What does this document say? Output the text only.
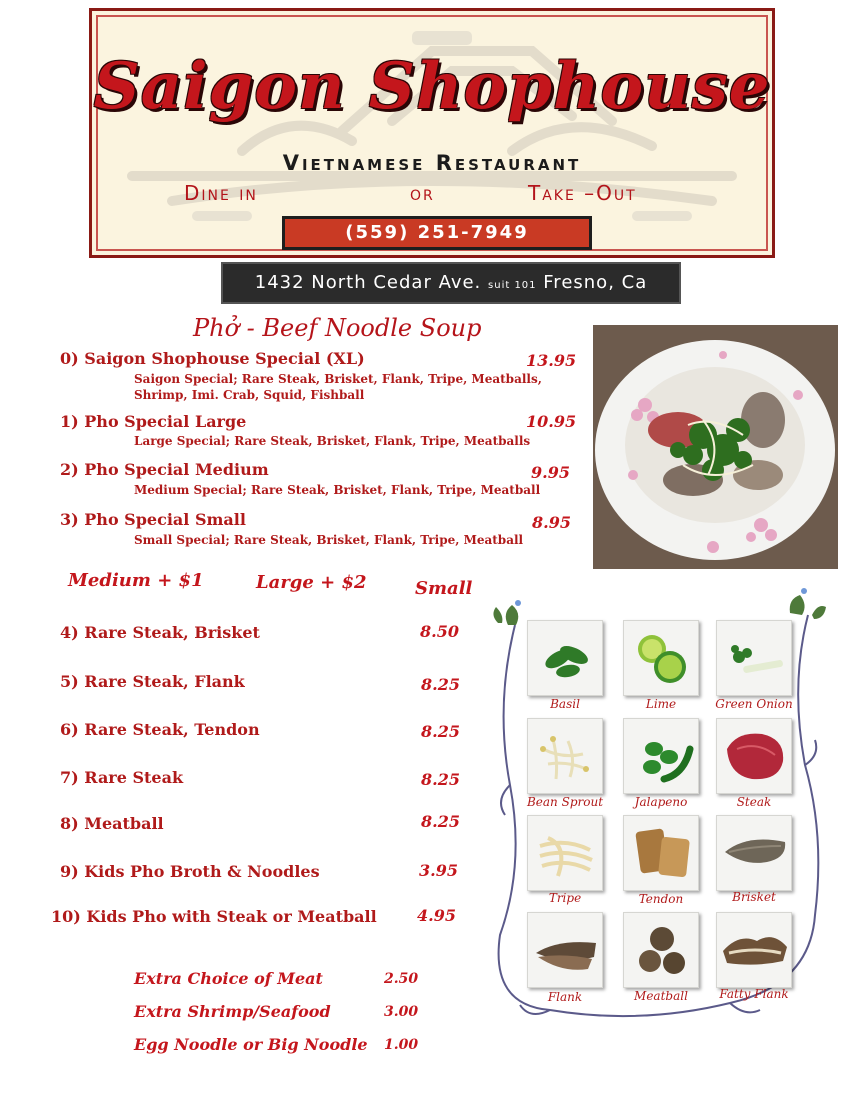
Saigon Shophouse
Vietnamese Restaurant
Dine in	or	Take –Out
(559) 251-7949
1432 North Cedar Ave. suit 101 Fresno, Ca
Phở - Beef Noodle Soup
0) Saigon Shophouse Special (XL)	13.95
Saigon Special; Rare Steak, Brisket, Flank, Tripe, Meatballs, Shrimp, Imi. Crab, Squid, Fishball
1) Pho Special Large	10.95
Large Special; Rare Steak, Brisket, Flank, Tripe, Meatballs
2) Pho Special Medium	9.95
Medium Special; Rare Steak, Brisket, Flank, Tripe, Meatball
3) Pho Special Small	8.95
Small Special; Rare Steak, Brisket, Flank, Tripe, Meatball
Medium + $1	Large + $2	Small
4) Rare Steak, Brisket	8.50
5) Rare Steak, Flank	8.25
6) Rare Steak, Tendon	8.25
7) Rare Steak	8.25
8) Meatball	8.25
9) Kids Pho Broth & Noodles	3.95
10) Kids Pho with Steak or Meatball	4.95
Extra Choice of Meat	2.50
Extra Shrimp/Seafood	3.00
Egg Noodle or Big Noodle 1.00
Basil	Lime	Green Onion
Bean Sprout	Jalapeno	Steak
Tripe	Tendon	Brisket
Flank	Meatball	Fatty Flank
